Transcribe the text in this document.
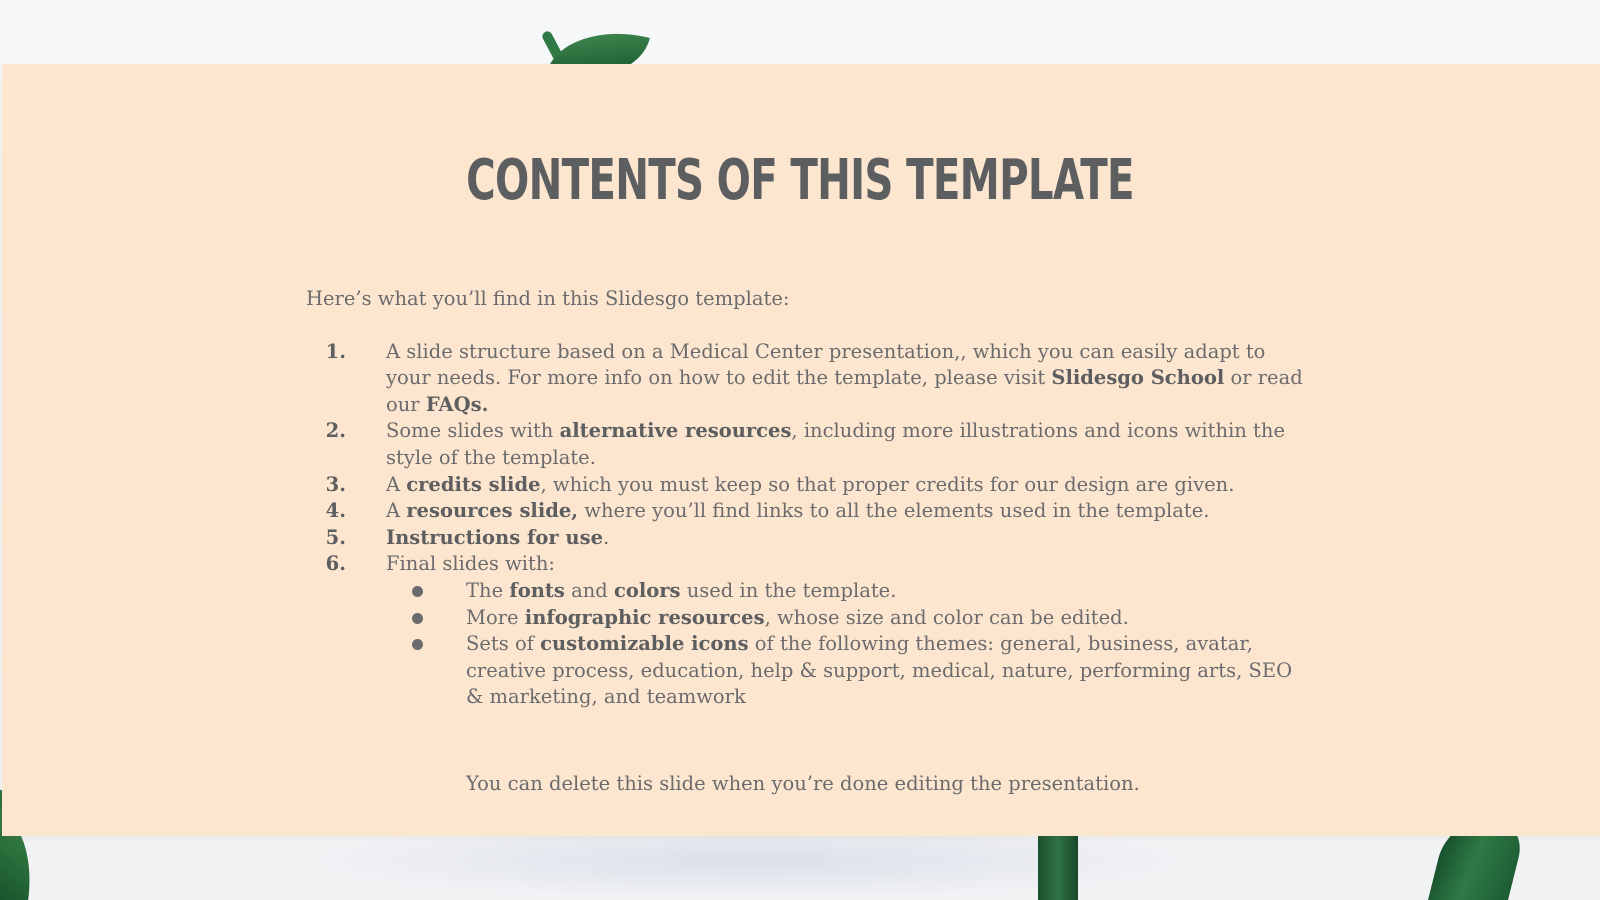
CONTENTS OF THIS TEMPLATE

Here’s what you’ll find in this Slidesgo template:

1. A slide structure based on a Medical Center presentation,, which you can easily adapt to your needs. For more info on how to edit the template, please visit Slidesgo School or read our FAQs.
2. Some slides with alternative resources, including more illustrations and icons within the style of the template.
3. A credits slide, which you must keep so that proper credits for our design are given.
4. A resources slide, where you’ll find links to all the elements used in the template.
5. Instructions for use.
6. Final slides with:
The fonts and colors used in the template.
More infographic resources, whose size and color can be edited.
Sets of customizable icons of the following themes: general, business, avatar, creative process, education, help & support, medical, nature, performing arts, SEO & marketing, and teamwork

You can delete this slide when you’re done editing the presentation.
